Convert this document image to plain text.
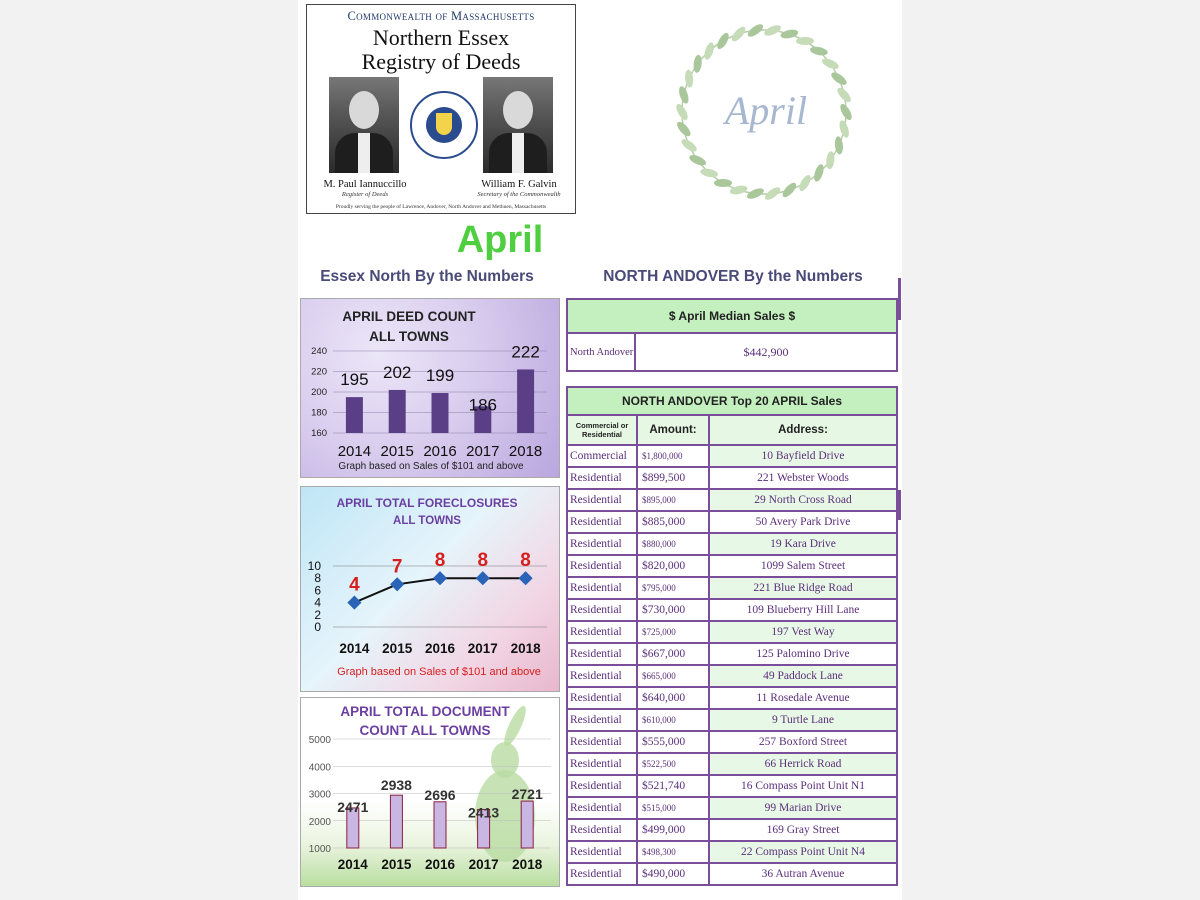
Commonwealth of Massachusetts
Northern Essex
Registry of Deeds
M. Paul Iannuccillo
Register of Deeds
William F. Galvin
Secretary of the Commonwealth
Proudly serving the people of Lawrence, Andover, North Andover and Methuen, Massachusetts
April
April
Essex North By the Numbers	NORTH ANDOVER By the Numbers
APRIL DEED COUNT
ALL TOWNS
160
180
200
220
240
195
2014
202
2015
199
2016
186
2017
222
2018
Graph based on Sales of $101 and above
APRIL TOTAL FORECLOSURES
ALL TOWNS
0
2
4
6
8
10
4
2014
7
2015
8
2016
8
2017
8
2018
Graph based on Sales of $101 and above
APRIL TOTAL DOCUMENT
COUNT ALL TOWNS
1000
2000
3000
4000
5000
2471
2014
2938
2015
2696
2016
2413
2017
2721
2018
$ April Median Sales $
North Andover	$442,900
NORTH ANDOVER Top 20 APRIL Sales		
Commercial or Residential	Amount:	Address:
Commercial	$1,800,000	10 Bayfield Drive
Residential	$899,500	221 Webster Woods
Residential	$895,000	29 North Cross Road
Residential	$885,000	50 Avery Park Drive
Residential	$880,000	19 Kara Drive
Residential	$820,000	1099 Salem Street
Residential	$795,000	221 Blue Ridge Road
Residential	$730,000	109 Blueberry Hill Lane
Residential	$725,000	197 Vest Way
Residential	$667,000	125 Palomino Drive
Residential	$665,000	49 Paddock Lane
Residential	$640,000	11 Rosedale Avenue
Residential	$610,000	9 Turtle Lane
Residential	$555,000	257 Boxford Street
Residential	$522,500	66 Herrick Road
Residential	$521,740	16 Compass Point Unit N1
Residential	$515,000	99 Marian Drive
Residential	$499,000	169 Gray Street
Residential	$498,300	22 Compass Point Unit N4
Residential	$490,000	36 Autran Avenue
